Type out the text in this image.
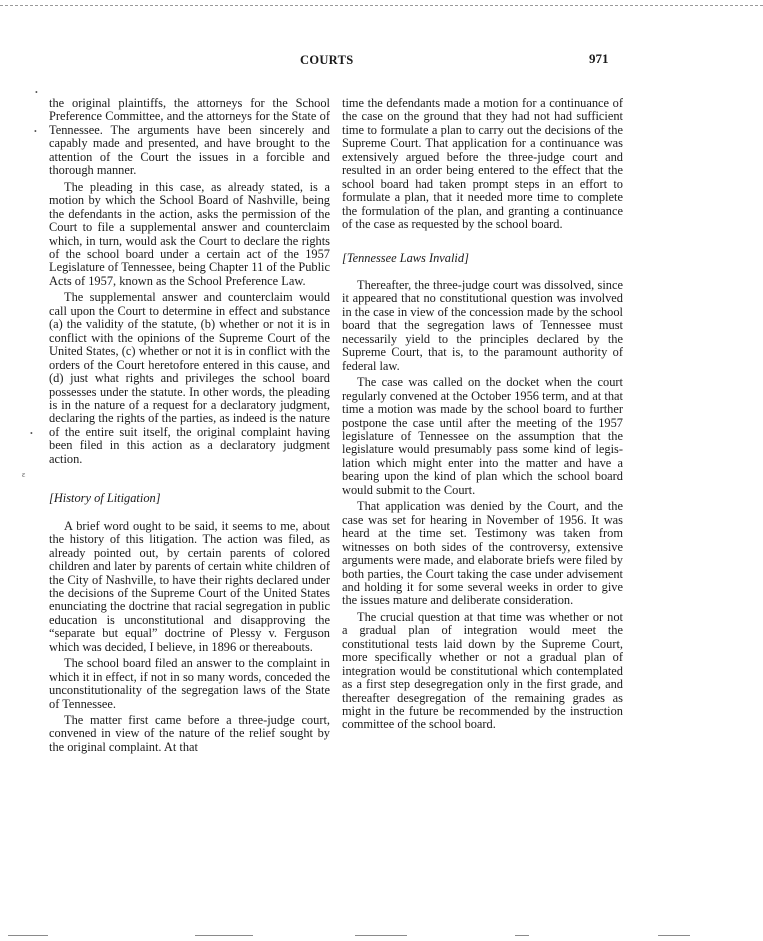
COURTS	971
•
•
•
ε

the original plaintiffs, the attorneys for the School Preference Committee, and the attorneys for the State of Tennessee. The arguments have been sincerely and capably made and presented, and have brought to the attention of the Court the issues in a forcible and thorough manner.

The pleading in this case, as already stated, is a motion by which the School Board of Nashville, being the defendants in the action, asks the permission of the Court to file a supplemental answer and counterclaim which, in turn, would ask the Court to declare the rights of the school board under a certain act of the 1957 Legislature of Tennessee, being Chapter 11 of the Public Acts of 1957, known as the School Preference Law.

The supplemental answer and counterclaim would call upon the Court to determine in effect and substance (a) the validity of the statute, (b) whether or not it is in conflict with the opinions of the Supreme Court of the United States, (c) whether or not it is in conflict with the orders of the Court heretofore entered in this cause, and (d) just what rights and privileges the school board possesses under the statute. In other words, the pleading is in the nature of a request for a declaratory judgment, declaring the rights of the parties, as indeed is the nature of the entire suit itself, the original complaint having been filed in this action as a declaratory judgment action.

[History of Litigation]

A brief word ought to be said, it seems to me, about the history of this litigation. The action was filed, as already pointed out, by certain parents of colored children and later by parents of certain white children of the City of Nashville, to have their rights declared under the decisions of the Supreme Court of the United States enunciating the doctrine that racial segregation in public education is unconstitutional and disapproving the “separate but equal” doctrine of Plessy v. Ferguson which was decided, I believe, in 1896 or thereabouts.

The school board filed an answer to the complaint in which it in effect, if not in so many words, conceded the unconstitutionality of the segregation laws of the State of Tennessee.

The matter first came before a three-judge court, convened in view of the nature of the relief sought by the original complaint. At that

time the defendants made a motion for a continuance of the case on the ground that they had not had sufficient time to formulate a plan to carry out the decisions of the Supreme Court. That application for a continuance was extensively argued before the three-judge court and resulted in an order being entered to the effect that the school board had taken prompt steps in an effort to formulate a plan, that it needed more time to complete the formulation of the plan, and granting a continuance of the case as requested by the school board.

[Tennessee Laws Invalid]

Thereafter, the three-judge court was dissolved, since it appeared that no constitutional question was involved in the case in view of the concession made by the school board that the segregation laws of Tennessee must necessarily yield to the principles declared by the Supreme Court, that is, to the paramount authority of federal law.

The case was called on the docket when the court regularly convened at the October 1956 term, and at that time a motion was made by the school board to further postpone the case until after the meeting of the 1957 legislature of Tennessee on the assumption that the legislature would presumably pass some kind of legislation which might enter into the matter and have a bearing upon the kind of plan which the school board would submit to the Court.

That application was denied by the Court, and the case was set for hearing in November of 1956. It was heard at the time set. Testimony was taken from witnesses on both sides of the controversy, extensive arguments were made, and elaborate briefs were filed by both parties, the Court taking the case under advisement and holding it for some several weeks in order to give the issues mature and deliberate consideration.

The crucial question at that time was whether or not a gradual plan of integration would meet the constitutional tests laid down by the Supreme Court, more specifically whether or not a gradual plan of integration would be constitutional which contemplated as a first step desegregation only in the first grade, and thereafter desegregation of the remaining grades as might in the future be recommended by the instruction committee of the school board.
